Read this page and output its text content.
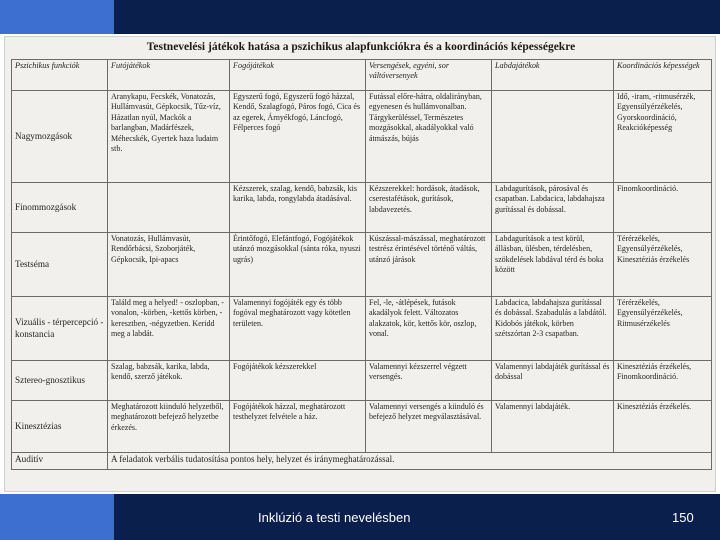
Testnevelési játékok hatása a pszichikus alapfunkciókra és a koordinációs képességekre
Pszichikus funkciók	Futójátékok	Fogójátékok	Versengések, egyéni, sor váltóversenyek	Labdajátékok	Koordinációs képességek
Nagymozgások	Aranykapu, Fecskék, Vonatozás, Hullámvasút, Gépkocsik, Tűz-víz, Házatlan nyúl, Mackók a barlangban, Madárfészek, Méhecskék, Gyertek haza ludaim stb.	Egyszerű fogó, Egyszerű fogó házzal, Kendő, Szalagfogó, Páros fogó, Cica és az egerek, Árnyékfogó, Láncfogó, Félperces fogó	Futással előre-hátra, oldalirányban, egyenesen és hullámvonalban. Tárgykerüléssel, Természetes mozgásokkal, akadályokkal való átmászás, bújás		Idő, -iram, -ritmusérzék, Egyensúlyérzékelés, Gyorskoordináció, Reakcióképesség
Finommozgások		Kézszerek, szalag, kendő, babzsák, kis karika, labda, rongylabda átadásával.	Kézszerekkel: hordások, átadások, cserestafétások, gurítások, labdavezetés.	Labdagurítások, párosával és csapatban. Labdacica, labdahajsza gurítással és dobással.	Finomkoordináció.
Testséma	Vonatozás, Hullámvasút, Rendőrbácsi, Szoborjáték, Gépkocsik, Ipi-apacs	Érintőfogó, Elefántfogó, Fogójátékok utánzó mozgásokkal (sánta róka, nyuszi ugrás)	Kúszással-mászással, meghatározott testrész érintésével történő váltás, utánzó járások	Labdagurítások a test körül, állásban, ülésben, térdelésben, szökdelések labdával térd és boka között	Térérzékelés, Egyensúlyérzékelés, Kinesztéziás érzékelés
Vizuális - térpercepció - konstancia	Találd meg a helyed! - oszlopban, -vonalon, -körben, -kettős körben, -keresztben, -négyzetben. Keridd meg a labdát.	Valamennyi fogójáték egy és több fogóval meghatározott vagy kötetlen területen.	Fel, -le, -átlépések, futások akadályok felett. Változatos alakzatok, kör, kettős kör, oszlop, vonal.	Labdacica, labdahajsza gurítással és dobással. Szabadulás a labdától. Kidobós játékok, körben szétszórtan 2-3 csapatban.	Térérzékelés, Egyensúlyérzékelés, Ritmusérzékelés
Sztereo-gnosztikus	Szalag, babzsák, karika, labda, kendő, szerző játékok.	Fogójátékok kézszerekkel	Valamennyi kézszerrel végzett versengés.	Valamennyi labdajáték gurítással és dobással	Kinesztéziás érzékelés, Finomkoordináció.
Kinesztézias	Meghatározott kiinduló helyzetből, meghatározott befejező helyzetbe érkezés.	Fogójátékok házzal, meghatározott testhelyzet felvétele a ház.	Valamennyi versengés a kiinduló és befejező helyzet megválasztásával.	Valamennyi labdajáték.	Kinesztéziás érzékelés.
Auditív	A feladatok verbális tudatosítása pontos hely, helyzet és iránymeghatározással.				
Inklúzió a testi nevelésben	150
